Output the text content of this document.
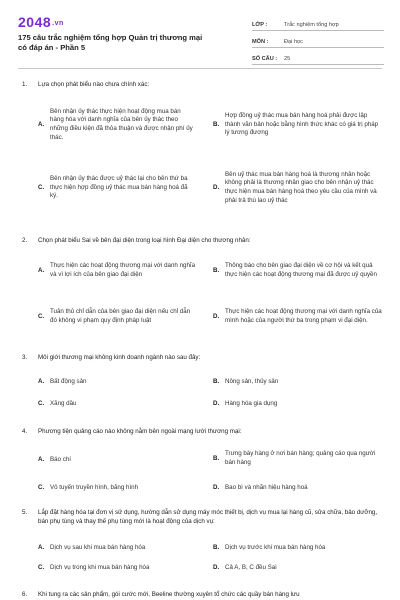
2048.vn
175 câu trắc nghiệm tổng hợp Quản trị thương mại có đáp án - Phần 5
LỚP :	Trắc nghiệm tổng hợp
MÔN :	Đại học
SỐ CÂU :	25
1.	Lựa chọn phát biểu nào chưa chính xác:
A.
Bên nhận ủy thác thực hiện hoạt động mua bán hàng hóa với danh nghĩa của bên ủy thác theo những điều kiện đã thỏa thuận và được nhận phí ủy thác.
B.
Hợp đồng uỷ thác mua bán hàng hoá phải được lập thành văn bản hoặc bằng hình thức khác có giá trị pháp lý tương đương
C.
Bên nhận ủy thác được uỷ thác lại cho bên thứ ba thực hiện hợp đồng uỷ thác mua bán hàng hoá đã ký.
D.
Bên uỷ thác mua bán hàng hoá là thương nhân hoặc không phải là thương nhân giao cho bên nhận uỷ thác thực hiện mua bán hàng hoá theo yêu cầu của mình và phải trả thù lao uỷ thác
2.	Chọn phát biểu Sai về bên đại diện trong loại hình Đại diện cho thương nhân:
A.
Thực hiện các hoạt động thương mại với danh nghĩa và vì lợi ích của bên giao đại diện
B.
Thông báo cho bên giao đại diện về cơ hội và kết quả thực hiện các hoạt động thương mại đã được uỷ quyền
C.
Tuân thủ chỉ dẫn của bên giao đại diện nếu chỉ dẫn đó không vi phạm quy định pháp luật
D.
Thực hiện các hoạt động thương mại với danh nghĩa của mình hoặc của người thứ ba trong phạm vi đại diện.
3.	Môi giới thương mại không kinh doanh ngành nào sau đây:
A. Bất động sản	B. Nông sản, thủy sản
C. Xăng dầu	D. Hàng hóa gia dụng
4.	Phương tiện quảng cáo nào không nằm bên ngoài mạng lưới thương mại:
A. Báo chí	B.
Trưng bày hàng ở nơi bán hàng; quảng cáo qua người bán hàng
C. Vô tuyến truyền hình, băng hình	D. Bao bì và nhãn hiệu hàng hoá
5.	Lắp đặt hàng hóa tại đơn vị sử dụng, hướng dẫn sử dụng máy móc thiết bị, dịch vụ mua lại hàng cũ, sửa chữa, bảo dưỡng, bán phụ tùng và thay thế phụ tùng mới là hoạt động của dịch vụ:
A. Dịch vụ sau khi mua bán hàng hóa	B. Dịch vụ trước khi mua bán hàng hóa
C. Dịch vụ trong khi mua bán hàng hóa	D. Cả A, B, C đều Sai
6.	Khi tung ra các sản phẩm, gói cước mới, Beeline thường xuyên tổ chức các quầy bán hàng lưu
